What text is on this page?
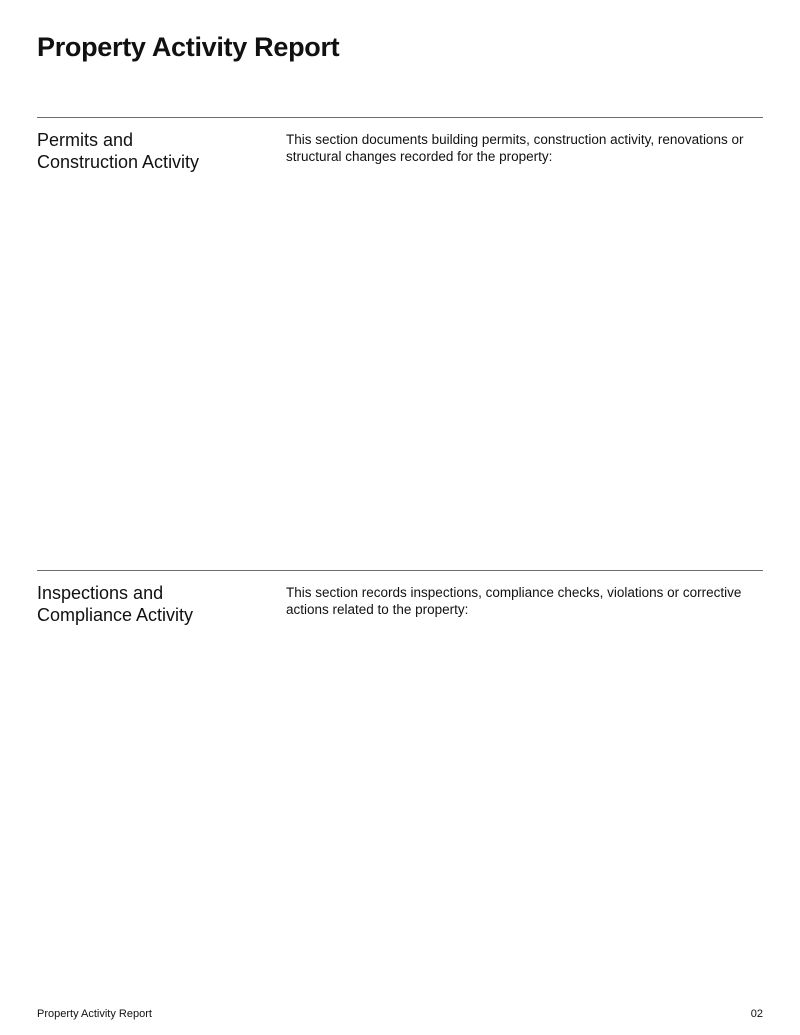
Property Activity Report
Permits and
Construction Activity

This section documents building permits, construction activity, renovations or structural changes recorded for the property:

Inspections and
Compliance Activity

This section records inspections, compliance checks, violations or corrective actions related to the property:

Property Activity Report	02
